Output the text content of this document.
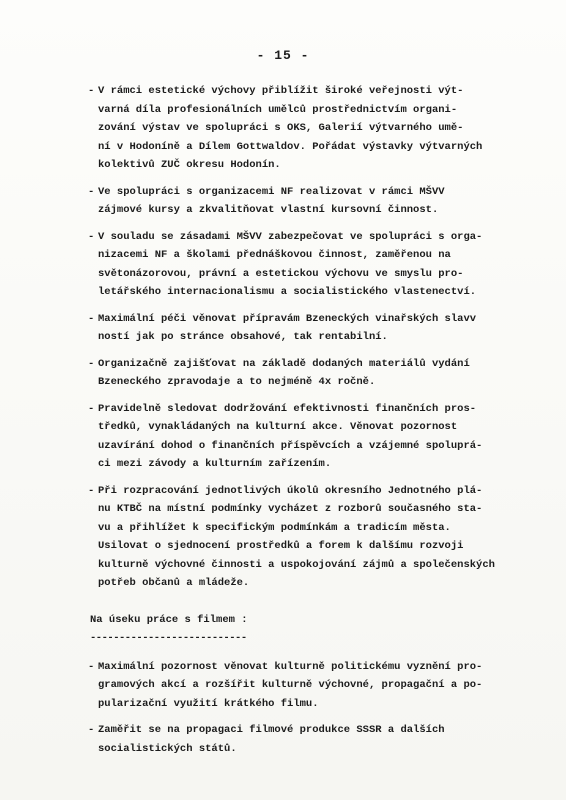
- 15 -
- V rámci estetické výchovy přiblížit široké veřejnosti výt-
varná díla profesionálních umělců prostřednictvím organi-
zování výstav ve spolupráci s OKS, Galerií výtvarného umě-
ní v Hodoníně a Dílem Gottwaldov. Pořádat výstavky výtvarných
kolektivů ZUČ okresu Hodonín.
- Ve spolupráci s organizacemi NF realizovat v rámci MŠVV
zájmové kursy a zkvalitňovat vlastní kursovní činnost.
- V souladu se zásadami MŠVV zabezpečovat ve spolupráci s orga-
nizacemi NF a školami přednáškovou činnost, zaměřenou na
světonázorovou, právní a estetickou výchovu ve smyslu pro-
letářského internacionalismu a socialistického vlastenectví.
- Maximální péči věnovat přípravám Bzeneckých vinařských slavv
ností jak po stránce obsahové, tak rentabilní.
- Organizačně zajišťovat na základě dodaných materiálů vydání
Bzeneckého zpravodaje a to nejméně 4x ročně.
- Pravidelně sledovat dodržování efektivnosti finančních pros-
tředků, vynakládaných na kulturní akce. Věnovat pozornost
uzavírání dohod o finančních příspěvcích a vzájemné spoluprá-
ci mezi závody a kulturním zařízením.
- Při rozpracování jednotlivých úkolů okresního Jednotného plá-
nu KTBČ na místní podmínky vycházet z rozborů současného sta-
vu a přihlížet k specifickým podmínkám a tradicím města.
Usilovat o sjednocení prostředků a forem k dalšímu rozvoji
kulturně výchovné činnosti a uspokojování zájmů a společenských
potřeb občanů a mládeže.
Na úseku práce s filmem :
---------------------------
- Maximální pozornost věnovat kulturně politickému vyznění pro-
gramových akcí a rozšířit kulturně výchovné, propagační a po-
pularizační využití krátkého filmu.
- Zaměřit se na propagaci filmové produkce SSSR a dalších
socialistických států.
